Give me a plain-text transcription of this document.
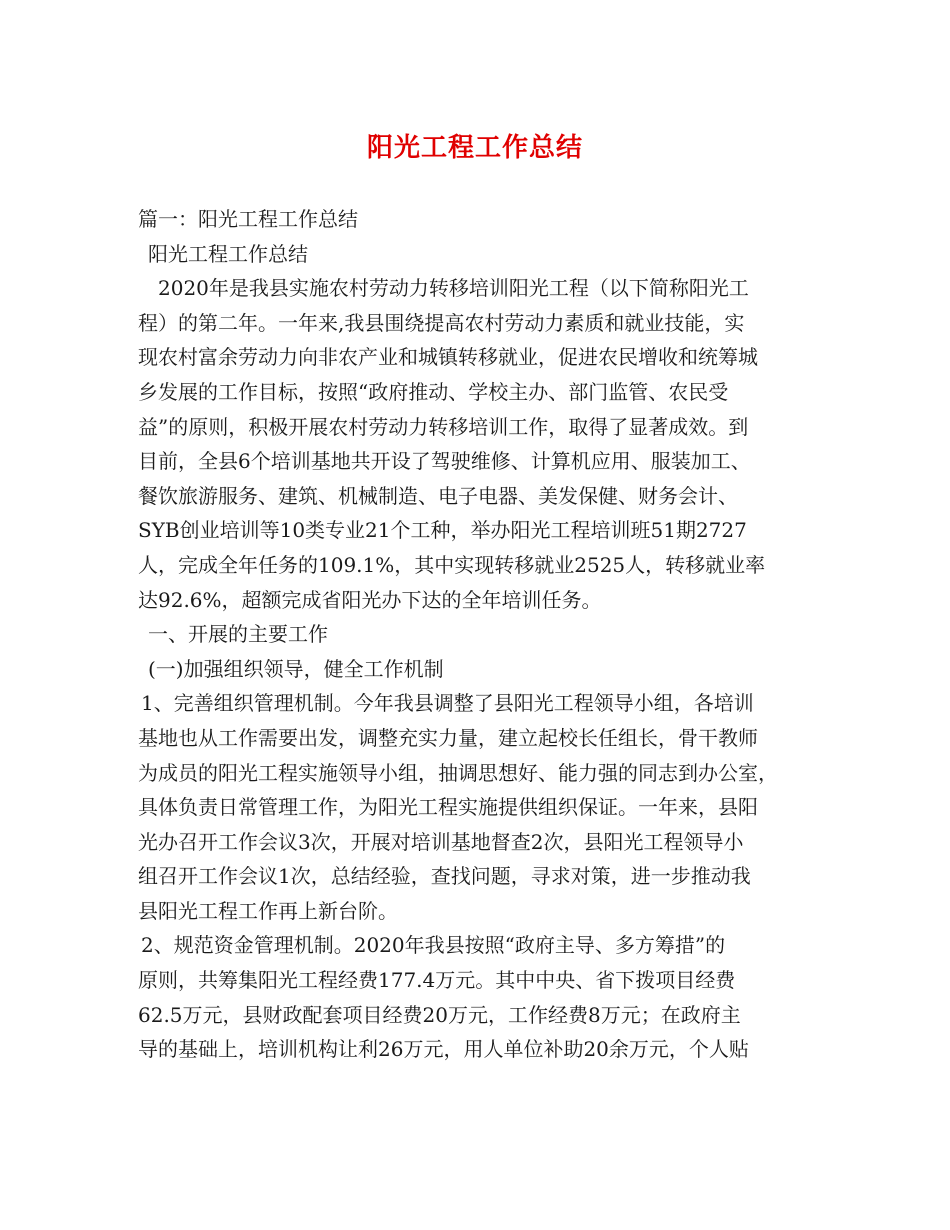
阳光工程工作总结
篇一：阳光工程工作总结
阳光工程工作总结
2020年是我县实施农村劳动力转移培训阳光工程（以下简称阳光工
程）的第二年。一年来,我县围绕提高农村劳动力素质和就业技能，实
现农村富余劳动力向非农产业和城镇转移就业，促进农民增收和统筹城
乡发展的工作目标，按照“政府推动、学校主办、部门监管、农民受
益”的原则，积极开展农村劳动力转移培训工作，取得了显著成效。到
目前，全县6个培训基地共开设了驾驶维修、计算机应用、服装加工、
餐饮旅游服务、建筑、机械制造、电子电器、美发保健、财务会计、
SYB创业培训等10类专业21个工种，举办阳光工程培训班51期2727
人，完成全年任务的109.1%，其中实现转移就业2525人，转移就业率
达92.6%，超额完成省阳光办下达的全年培训任务。
一、开展的主要工作
(一)加强组织领导，健全工作机制
1、完善组织管理机制。今年我县调整了县阳光工程领导小组，各培训
基地也从工作需要出发，调整充实力量，建立起校长任组长，骨干教师
为成员的阳光工程实施领导小组，抽调思想好、能力强的同志到办公室，
具体负责日常管理工作，为阳光工程实施提供组织保证。一年来，县阳
光办召开工作会议3次，开展对培训基地督查2次，县阳光工程领导小
组召开工作会议1次，总结经验，查找问题，寻求对策，进一步推动我
县阳光工程工作再上新台阶。
2、规范资金管理机制。2020年我县按照“政府主导、多方筹措”的
原则，共筹集阳光工程经费177.4万元。其中中央、省下拨项目经费
62.5万元，县财政配套项目经费20万元，工作经费8万元；在政府主
导的基础上，培训机构让利26万元，用人单位补助20余万元，个人贴
